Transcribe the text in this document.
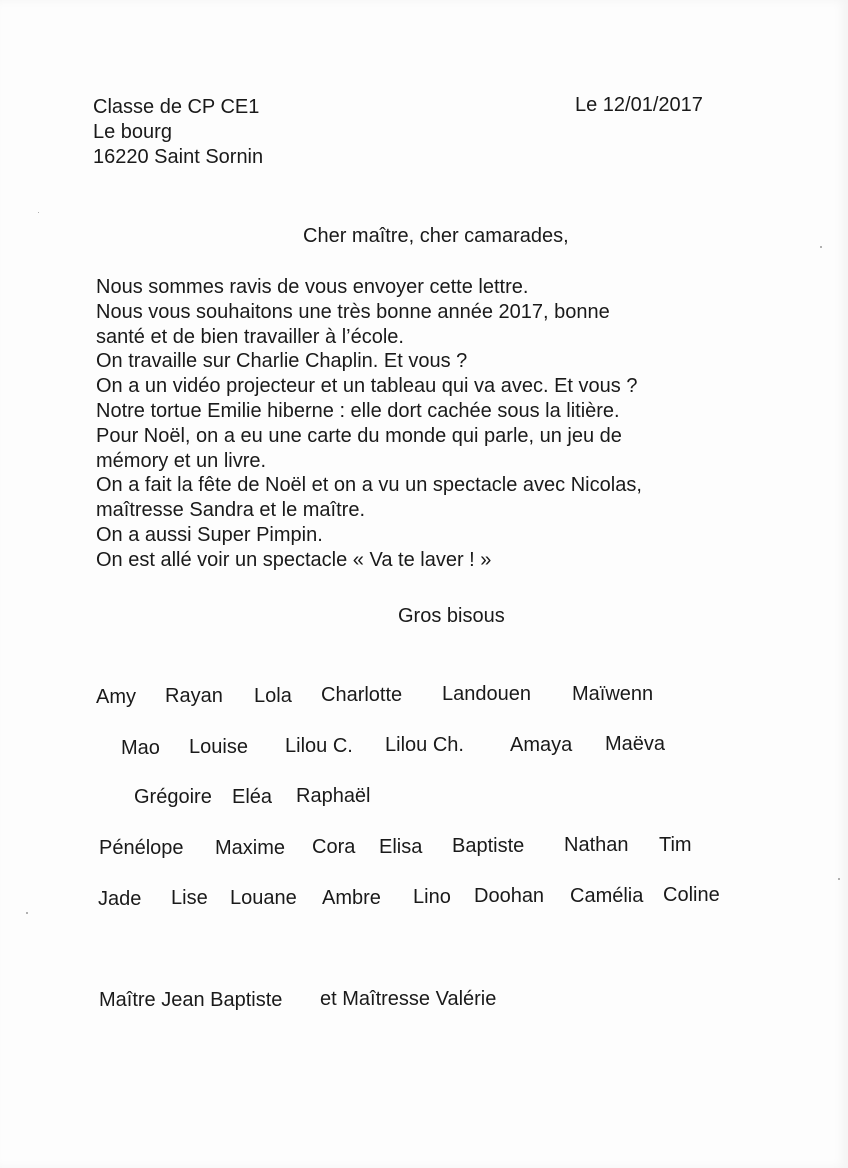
Classe de CP CE1
Le bourg
16220 Saint Sornin
Le 12/01/2017
Cher maître, cher camarades,
Nous sommes ravis de vous envoyer cette lettre.
Nous vous souhaitons une très bonne année 2017, bonne
santé et de bien travailler à l’école.
On travaille sur Charlie Chaplin. Et vous ?
On a un vidéo projecteur et un tableau qui va avec. Et vous ?
Notre tortue Emilie hiberne : elle dort cachée sous la litière.
Pour Noël, on a eu une carte du monde qui parle, un jeu de
mémory et un livre.
On a fait la fête de Noël et on a vu un spectacle avec Nicolas,
maîtresse Sandra et le maître.
On a aussi Super Pimpin.
On est allé voir un spectacle « Va te laver ! »
Gros bisous
Amy Rayan Lola Charlotte Landouen Maïwenn
Mao Louise Lilou C. Lilou Ch. Amaya Maëva
Grégoire Eléa Raphaël
Pénélope Maxime Cora Elisa Baptiste Nathan Tim
Jade Lise Louane Ambre Lino Doohan Camélia Coline
Maître Jean Baptiste et Maîtresse Valérie
